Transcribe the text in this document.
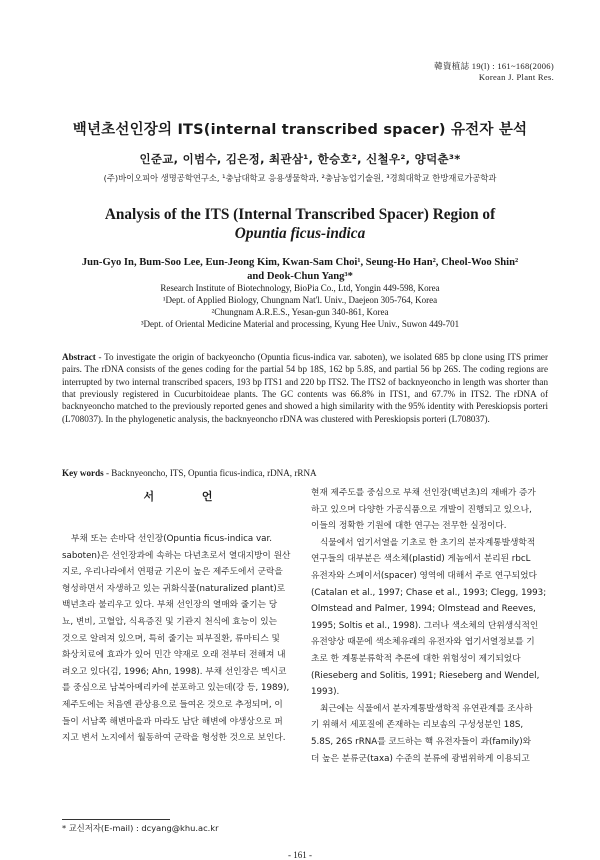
韓資植誌 19(l) : 161~168(2006)
Korean J. Plant Res.
백년초선인장의 ITS(internal transcribed spacer) 유전자 분석
인준교, 이범수, 김은정, 최관삼¹, 한승호², 신철우², 양덕춘³*
(주)바이오피아 생명공학연구소, ¹충남대학교 응용생물학과, ²충남농업기술원, ³경희대학교 한방재료가공학과
Analysis of the ITS (Internal Transcribed Spacer) Region of
Opuntia ficus-indica
Jun-Gyo In, Bum-Soo Lee, Eun-Jeong Kim, Kwan-Sam Choi¹, Seung-Ho Han², Cheol-Woo Shin²
and Deok-Chun Yang³*
Research Institute of Biotechnology, BioPia Co., Ltd, Yongin 449-598, Korea
¹Dept. of Applied Biology, Chungnam Nat'l. Univ., Daejeon 305-764, Korea
²Chungnam A.R.E.S., Yesan-gun 340-861, Korea
³Dept. of Oriental Medicine Material and processing, Kyung Hee Univ., Suwon 449-701
Abstract - To investigate the origin of backyeoncho (Opuntia ficus-indica var. saboten), we isolated 685 bp clone using ITS primer pairs. The rDNA consists of the genes coding for the partial 54 bp 18S, 162 bp 5.8S, and partial 56 bp 26S. The coding regions are interrupted by two internal transcribed spacers, 193 bp ITS1 and 220 bp ITS2. The ITS2 of backnyeoncho in length was shorter than that previously registered in Cucurbitoideae plants. The GC contents was 66.8% in ITS1, and 67.7% in ITS2. The rDNA of backnyeoncho matched to the previously reported genes and showed a high similarity with the 95% identity with Pereskiopsis porteri (L708037). In the phylogenetic analysis, the backnyeoncho rDNA was clustered with Pereskiopsis porteri (L708037).
Key words - Backnyeoncho, ITS, Opuntia ficus-indica, rDNA, rRNA
서 언
부채 또는 손바닥 선인장(Opuntia ficus-indica var.
saboten)은 선인장과에 속하는 다년초로서 열대지방이 원산
지로, 우리나라에서 연평균 기온이 높은 제주도에서 군락을
형성하면서 자생하고 있는 귀화식물(naturalized plant)로
백년초라 불리우고 있다. 부채 선인장의 열매와 줄기는 당
뇨, 변비, 고혈압, 식욕증진 및 기관지 천식에 효능이 있는
것으로 알려져 있으며, 특히 줄기는 피부질환, 류마티스 및
화상치료에 효과가 있어 민간 약재로 오래 전부터 전해져 내
려오고 있다(김, 1996; Ahn, 1998). 부채 선인장은 멕시코
를 중심으로 남북아메리카에 분포하고 있는데(강 등, 1989),
제주도에는 처음엔 관상용으로 들여온 것으로 추정되며, 이
들이 서남쪽 해변마을과 마라도 남단 해변에 야생상으로 퍼
지고 변서 노지에서 월동하여 군락을 형성한 것으로 보인다.
현재 제주도를 중심으로 부채 선인장(백년초)의 재배가 증가
하고 있으며 다양한 가공식품으로 개발이 진행되고 있으나,
이들의 정확한 기원에 대한 연구는 전무한 실정이다.
식물에서 엽기서열을 기초로 한 초기의 분자계통발생학적
연구들의 대부분은 색소체(plastid) 게놈에서 분리된 rbcL
유전자와 스페이서(spacer) 영역에 대해서 주로 연구되었다
(Catalan et al., 1997; Chase et al., 1993; Clegg, 1993;
Olmstead and Palmer, 1994; Olmstead and Reeves,
1995; Soltis et al., 1998). 그러나 색소체의 단위생식적인
유전양상 때문에 색소체유래의 유전자와 엽기서열정보를 기
초로 한 계통분류학적 추론에 대한 위험성이 제기되었다
(Rieseberg and Solitis, 1991; Rieseberg and Wendel,
1993).
최근에는 식물에서 분자계통발생학적 유연관계를 조사하
기 위해서 세포질에 존재하는 리보솜의 구성성분인 18S,
5.8S, 26S rRNA를 코드하는 핵 유전자들이 과(family)와
더 높은 분류군(taxa) 수준의 분류에 광범위하게 이용되고
* 교신저자(E-mail) : dcyang@khu.ac.kr
- 161 -
